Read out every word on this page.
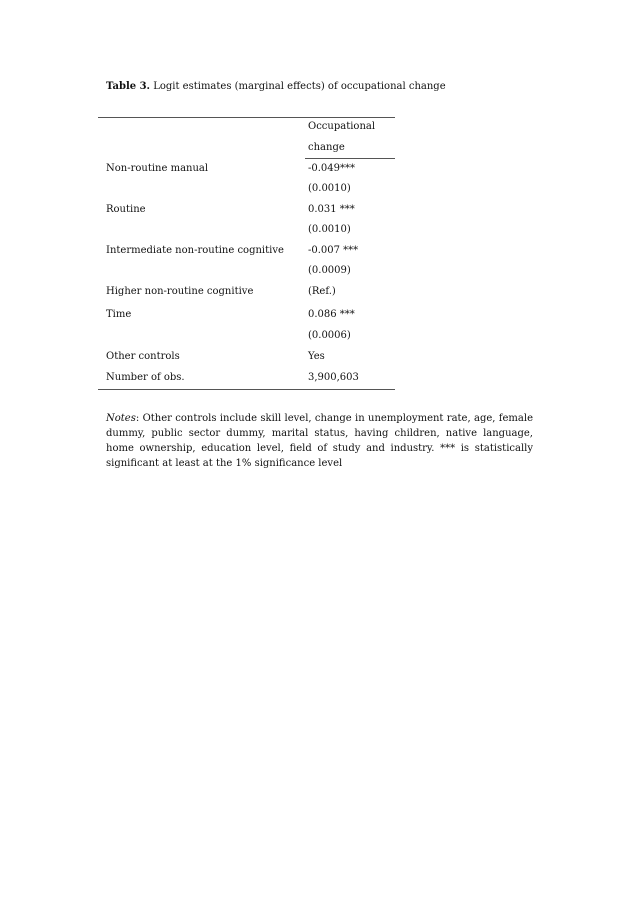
Table 3. Logit estimates (marginal effects) of occupational change
Occupational
change
Non-routine manual	-0.049***
(0.0010)
Routine	0.031 ***
(0.0010)
Intermediate non-routine cognitive -0.007 ***
(0.0009)
Higher non-routine cognitive	(Ref.)
Time	0.086 ***
(0.0006)
Other controls	Yes
Number of obs.	3,900,603
Notes: Other controls include skill level, change in unemployment rate, age, female dummy, public sector dummy, marital status, having children, native language, home ownership, education level, field of study and industry. *** is statistically significant at least at the 1% significance level
